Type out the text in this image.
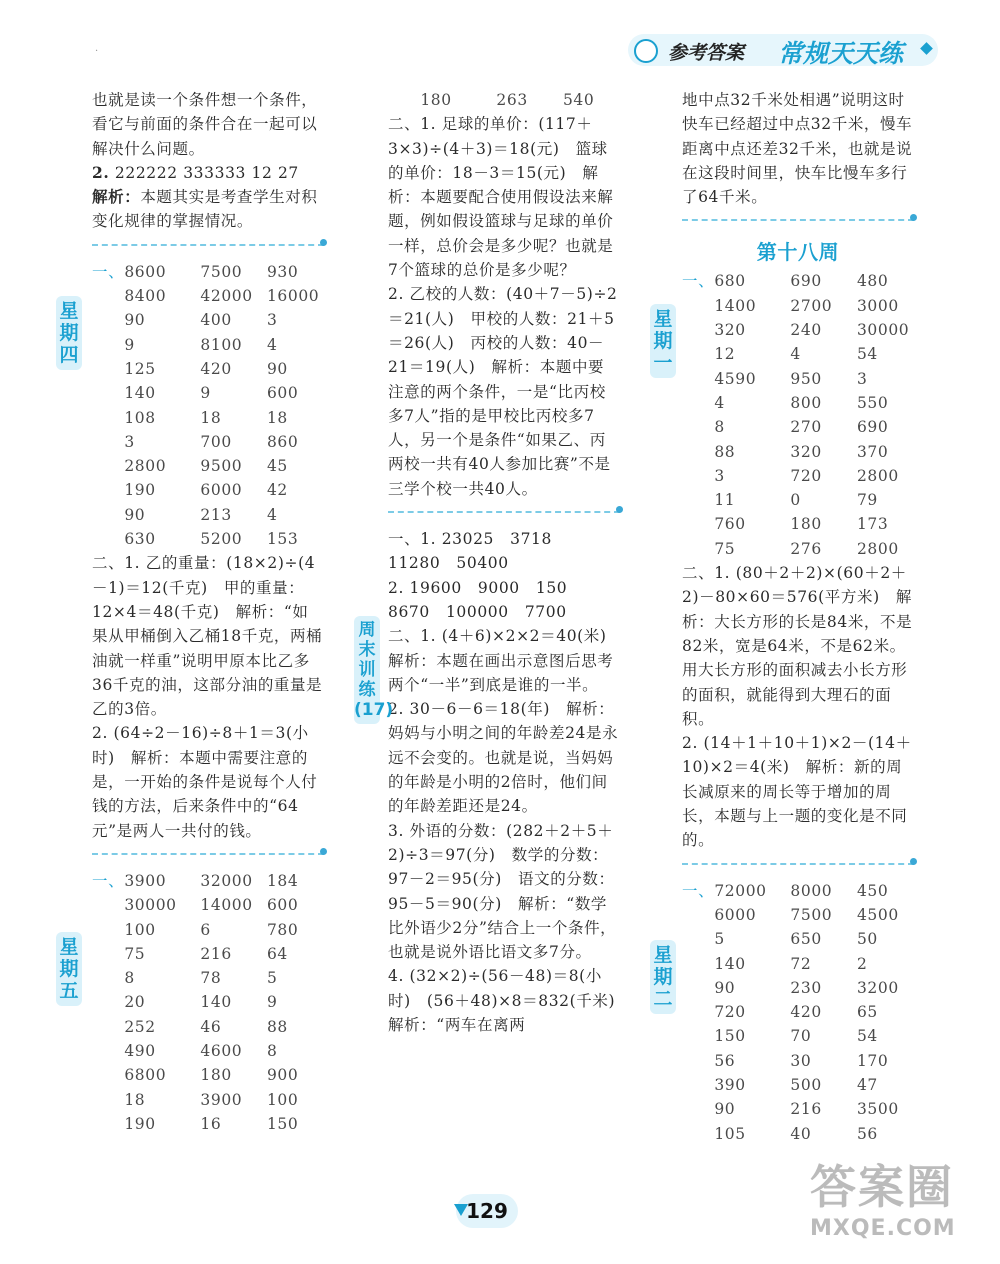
参考答案 常规天天练
·

也就是读一个条件想一个条件，看它与前面的条件合在一起可以解决什么问题。

2. 222222 333333 12 27

解析：本题其实是考查学生对积变化规律的掌握情况。

一、 8600	7500	930
8400	42000 16000
90	400	3
9	8100	4
125	420	90
140	9	600
108	18	18
3	700	860
2800	9500	45
190	6000	42
90	213	4
630	5200	153

二、1. 乙的重量：(18×2)÷(4－1)＝12(千克)　甲的重量：12×4＝48(千克)　解析：“如果从甲桶倒入乙桶18千克，两桶油就一样重”说明甲原本比乙多36千克的油，这部分油的重量是乙的3倍。

2. (64÷2－16)÷8＋1＝3(小时)　解析：本题中需要注意的是，一开始的条件是说每个人付钱的方法，后来条件中的“64元”是两人一共付的钱。

一、 3900	32000 184
30000	14000 600
100	6	780
75	216	64
8	78	5
20	140	9
252	46	88
490	4600	8
6800	180	900
18	3900	100
190	16	150
星期四
星期五
180	263	540

二、1. 足球的单价：(117＋3×3)÷(4＋3)＝18(元)　篮球的单价：18－3＝15(元)　解析：本题要配合使用假设法来解题，例如假设篮球与足球的单价一样，总价会是多少呢？也就是7个篮球的总价是多少呢？

2. 乙校的人数：(40＋7－5)÷2＝21(人)　甲校的人数：21＋5＝26(人)　丙校的人数：40－21＝19(人)　解析：本题中要注意的两个条件，一是“比丙校多7人”指的是甲校比丙校多7人，另一个是条件“如果乙、丙两校一共有40人参加比赛”不是三学个校一共40人。

一、1. 23025　3718　11280　50400

2. 19600　9000　150　8670　100000　7700

二、1. (4＋6)×2×2＝40(米)　解析：本题在画出示意图后思考两个“一半”到底是谁的一半。

2. 30－6－6＝18(年)　解析：妈妈与小明之间的年龄差24是永远不会变的。也就是说，当妈妈的年龄是小明的2倍时，他们间的年龄差距还是24。

3. 外语的分数：(282＋2＋5＋2)÷3＝97(分)　数学的分数：97－2＝95(分)　语文的分数：95－5＝90(分)　解析：“数学比外语少2分”结合上一个条件，也就是说外语比语文多7分。

4. (32×2)÷(56－48)＝8(小时)　(56＋48)×8＝832(千米)　解析：“两车在离两

周末训练(17)

地中点32千米处相遇”说明这时快车已经超过中点32千米，慢车距离中点还差32千米，也就是说在这段时间里，快车比慢车多行了64千米。

第十八周
一、 680	690	480
1400	2700	3000
320	240	30000
12	4	54
4590	950	3
4	800	550
8	270	690
88	320	370
3	720	2800
11	0	79
760	180	173
75	276	2800

二、1. (80＋2＋2)×(60＋2＋2)－80×60＝576(平方米)　解析：大长方形的长是84米，不是82米，宽是64米，不是62米。用大长方形的面积减去小长方形的面积，就能得到大理石的面积。

2. (14＋1＋10＋1)×2－(14＋10)×2＝4(米)　解析：新的周长减原来的周长等于增加的周长，本题与上一题的变化是不同的。

一、 72000	8000	450
6000	7500	4500
5	650	50
140	72	2
90	230	3200
720	420	65
150	70	54
56	30	170
390	500	47
90	216	3500
105	40	56
星期一
星期二
129	答案圈
MXQE.COM
